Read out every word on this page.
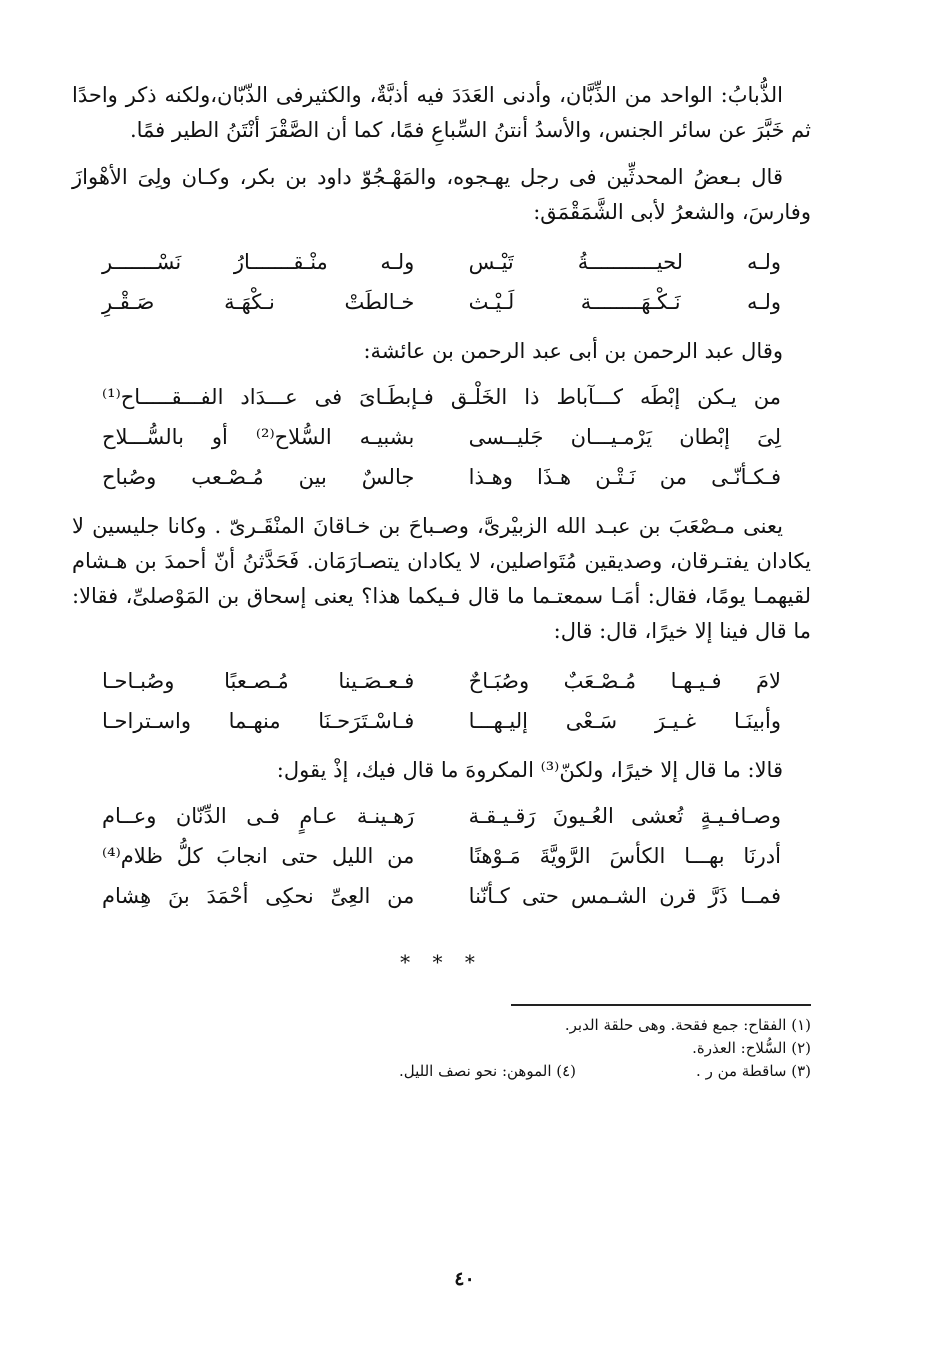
الذُّبابُ: الواحد من الذِّبَّان، وأدنى العَدَدَ فيه أذبَّةٌ، والكثيرفى الذّبّان،ولكنه ذكر واحدًا ثم خَبَّرَ عن سائر الجنس، والأسدُ أنتنُ السِّباعِ فمًا، كما أن الصَّقْرَ أنْتَنُ الطير فمًا.

قال بـعضُ المحدثِّين فى رجل يهـجوه، والمَهْـجُوّ داود بن بكر، وكـان ولِىَ الأهْوازَ وفارسَ، والشعرُ لأبى الشَّمَقْمَق:

ولـه لحيـــــــــــةُ تَيْـس
ولـه منْـقـــــــارُ نَسْـــــــر
ولـه نَـكْـهَــــــــة لَـيْـث
خـالطَتْ نـكْهَـة صَـقْـرِ

وقال عبد الرحمن بن أبى عبد الرحمن بن عائشة:

من يـكن إبْطَه كـــآباط ذا الخَلْـق فـإبطَـاىَ فى عـــدَاد الفـــقـــــاح⁽¹⁾
لِىَ إبْطان يَرْمـيـــان جَليــسى
بشبيـه السُّلاح⁽²⁾ أو بالسُّـــلاح
فـكـأنّـى من نَـتْـن هـذَا وهـذا
جالسٌ بين مُـصْـعب وصُباح

يعنى مـصْعَبَ بن عبـد الله الزبيْرىَّ، وصـباحَ بن خـاقانَ المنْقَـرىّ . وكانا جليسين لا يكادان يفتـرقان، وصديقين مُتَواصلين، لا يكادان يتصـارَمَان. فَحَدَّثنُ أنّ أحمدَ بن هـشام لقيهمـا يومًا، فقال: أمَـا سمعتـما ما قال فـيكما هذا؟ يعنى إسحاق بن المَوْصلىِّ، فقالا: ما قال فينا إلا خيرًا، قال: قال:

لامَ فـيـهـا مُـصْـعَبٌ وصُبَـاحٌ
فـعـصَـينا مُـصـعبًا وصُبـاحـا
وأبينَـا غـيـرَ سَـعْى إليـهـــا
فـاسْـتَرَحـنَا منهـما واسـتراحـا

قالا: ما قال إلا خيرًا، ولكنّ⁽³⁾ المكروهَ ما قال فيك، إذْ يقول:

وصـافـيـةٍ تُعشى العُـيونَ رَقـيـقـة
رَهـينـة عـامٍ فـى الدِّنّان وعــام
أدرنَا بهـــا الكأسَ الرَّويَّةَ مَـوْهنًا
من الليل حتى انجابَ كلُّ ظلام⁽⁴⁾
فمــا ذَرَّ قرن الشـمس حتى كـأنّنا
من العِىِّ نحكِى أحْمَدَ بنَ هِشام
* * *
(١) الفقاح: جمع فقحة. وهى حلقة الدبر.
(٢) السُّلاح: العذرة.
(٣) ساقطة من ر .
(٤) الموهن: نحو نصف الليل.
٤٠
